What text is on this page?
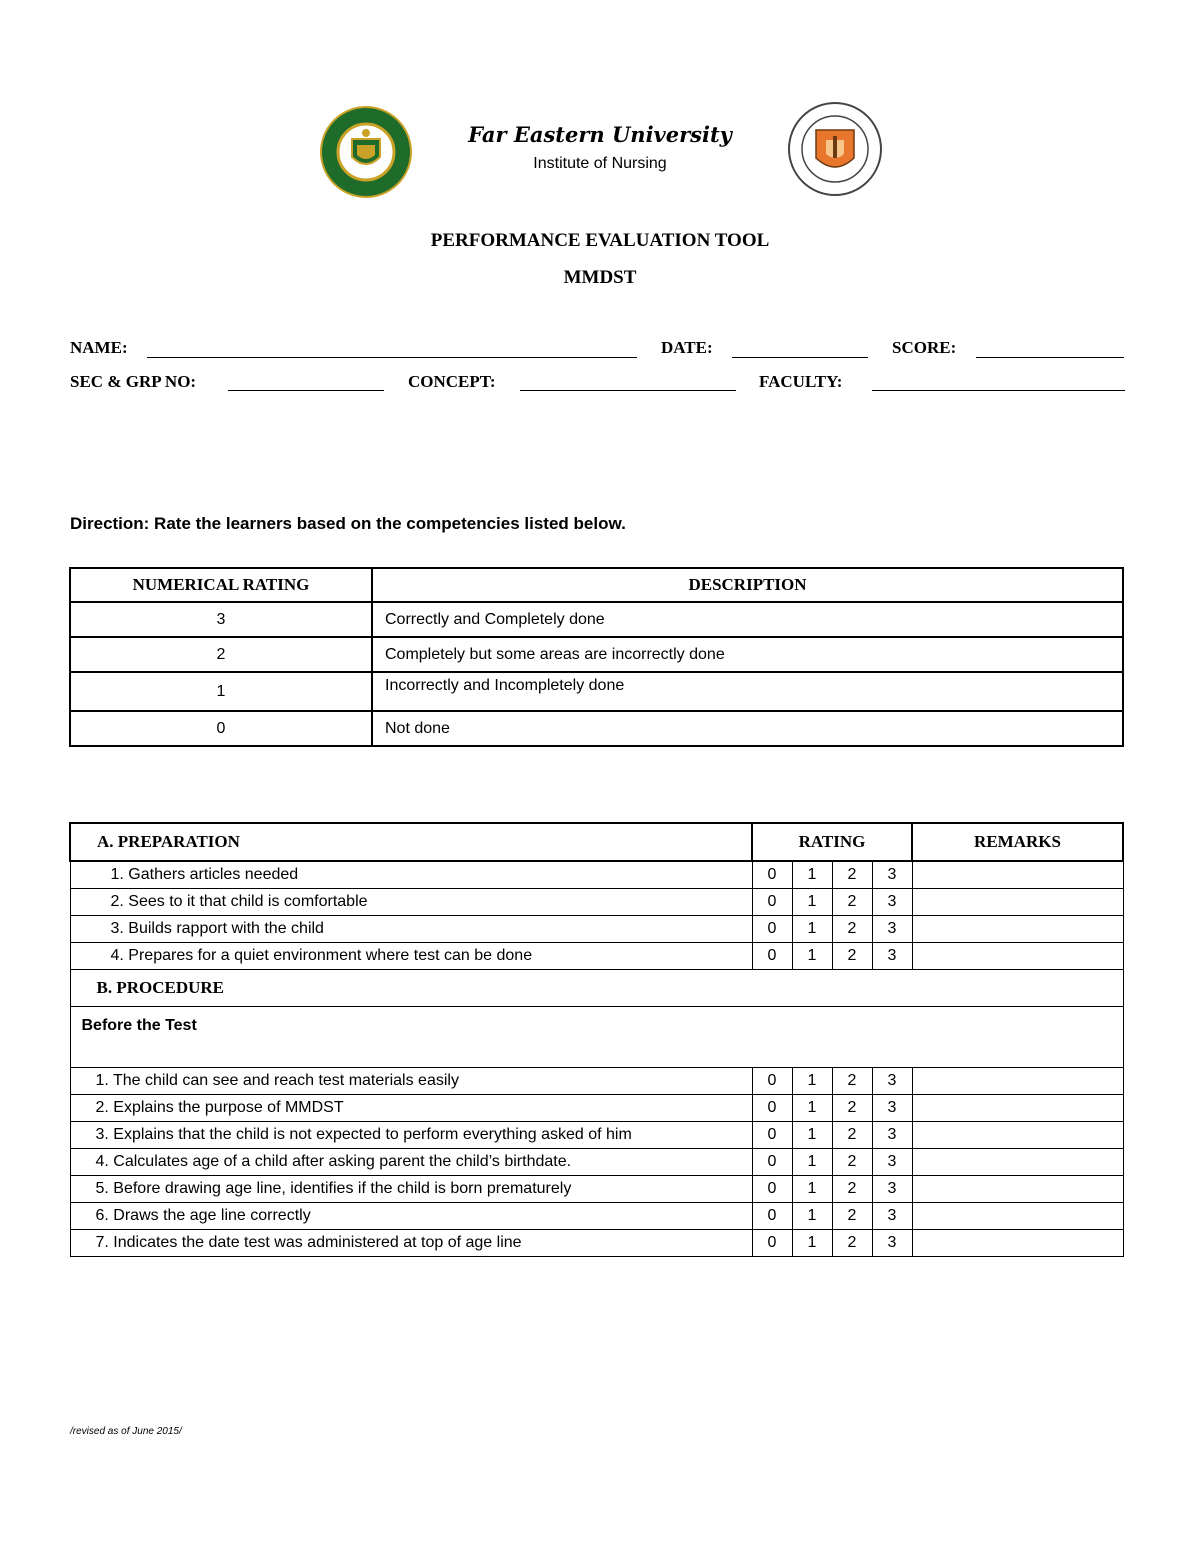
Far Eastern University
Institute of Nursing
PERFORMANCE EVALUATION TOOL
MMDST
NAME:	DATE:	SCORE:
SEC & GRP NO:	CONCEPT:	FACULTY:
Direction: Rate the learners based on the competencies listed below.
NUMERICAL RATING	DESCRIPTION
3	Correctly and Completely done
2	Completely but some areas are incorrectly done
1	Incorrectly and Incompletely done
0	Not done
A. PREPARATION	RATING				REMARKS
1. Gathers articles needed	0	1	2	3	
2. Sees to it that child is comfortable	0	1	2	3	
3. Builds rapport with the child	0	1	2	3	
4. Prepares for a quiet environment where test can be done	0	1	2	3	
B. PROCEDURE					
Before the Test					
1. The child can see and reach test materials easily	0	1	2	3	
2. Explains the purpose of MMDST	0	1	2	3	
3. Explains that the child is not expected to perform everything asked of him	0	1	2	3	
4. Calculates age of a child after asking parent the child’s birthdate.	0	1	2	3	
5. Before drawing age line, identifies if the child is born prematurely	0	1	2	3	
6. Draws the age line correctly	0	1	2	3	
7. Indicates the date test was administered at top of age line	0	1	2	3	
/revised as of June 2015/
